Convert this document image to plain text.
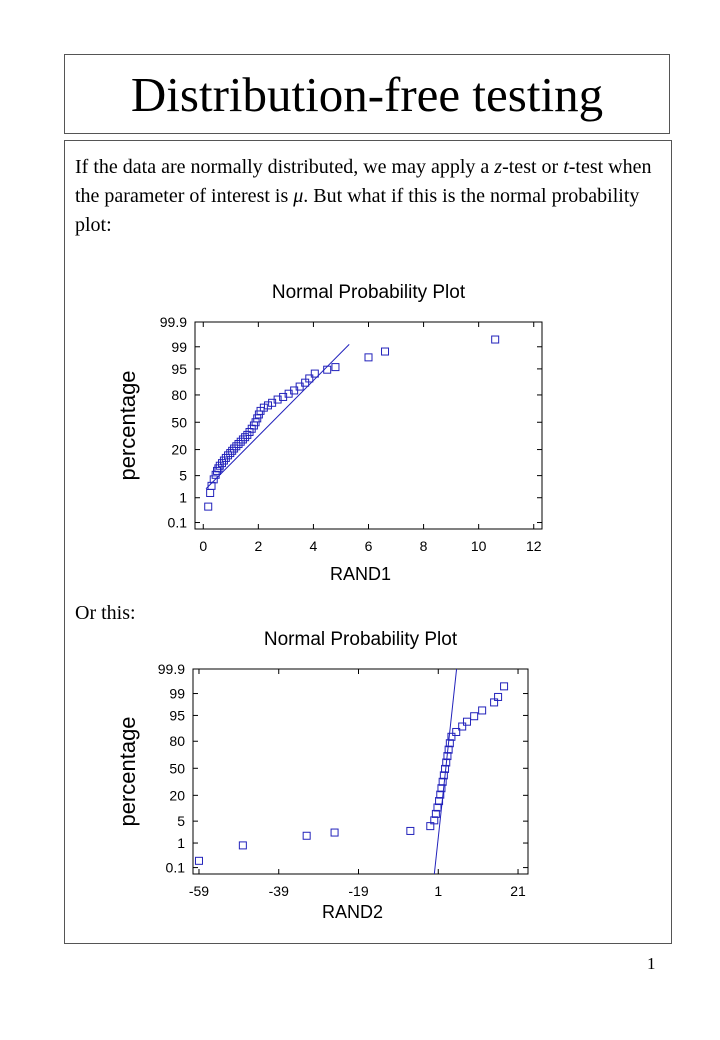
Distribution-free testing

If the data are normally distributed, we may apply a z-test or t-test when the parameter of interest is μ. But what if this is the normal probability plot:

Or this:

Normal Probability Plot
99.9
99
95
80
50
20
5
1
0.1
0	2	4	6	8	10	12
RAND1
percentage
Normal Probability Plot
99.9
99
95
80
50
20
5
1
0.1
-59	-39	-19	1	21
RAND2
percentage
1
